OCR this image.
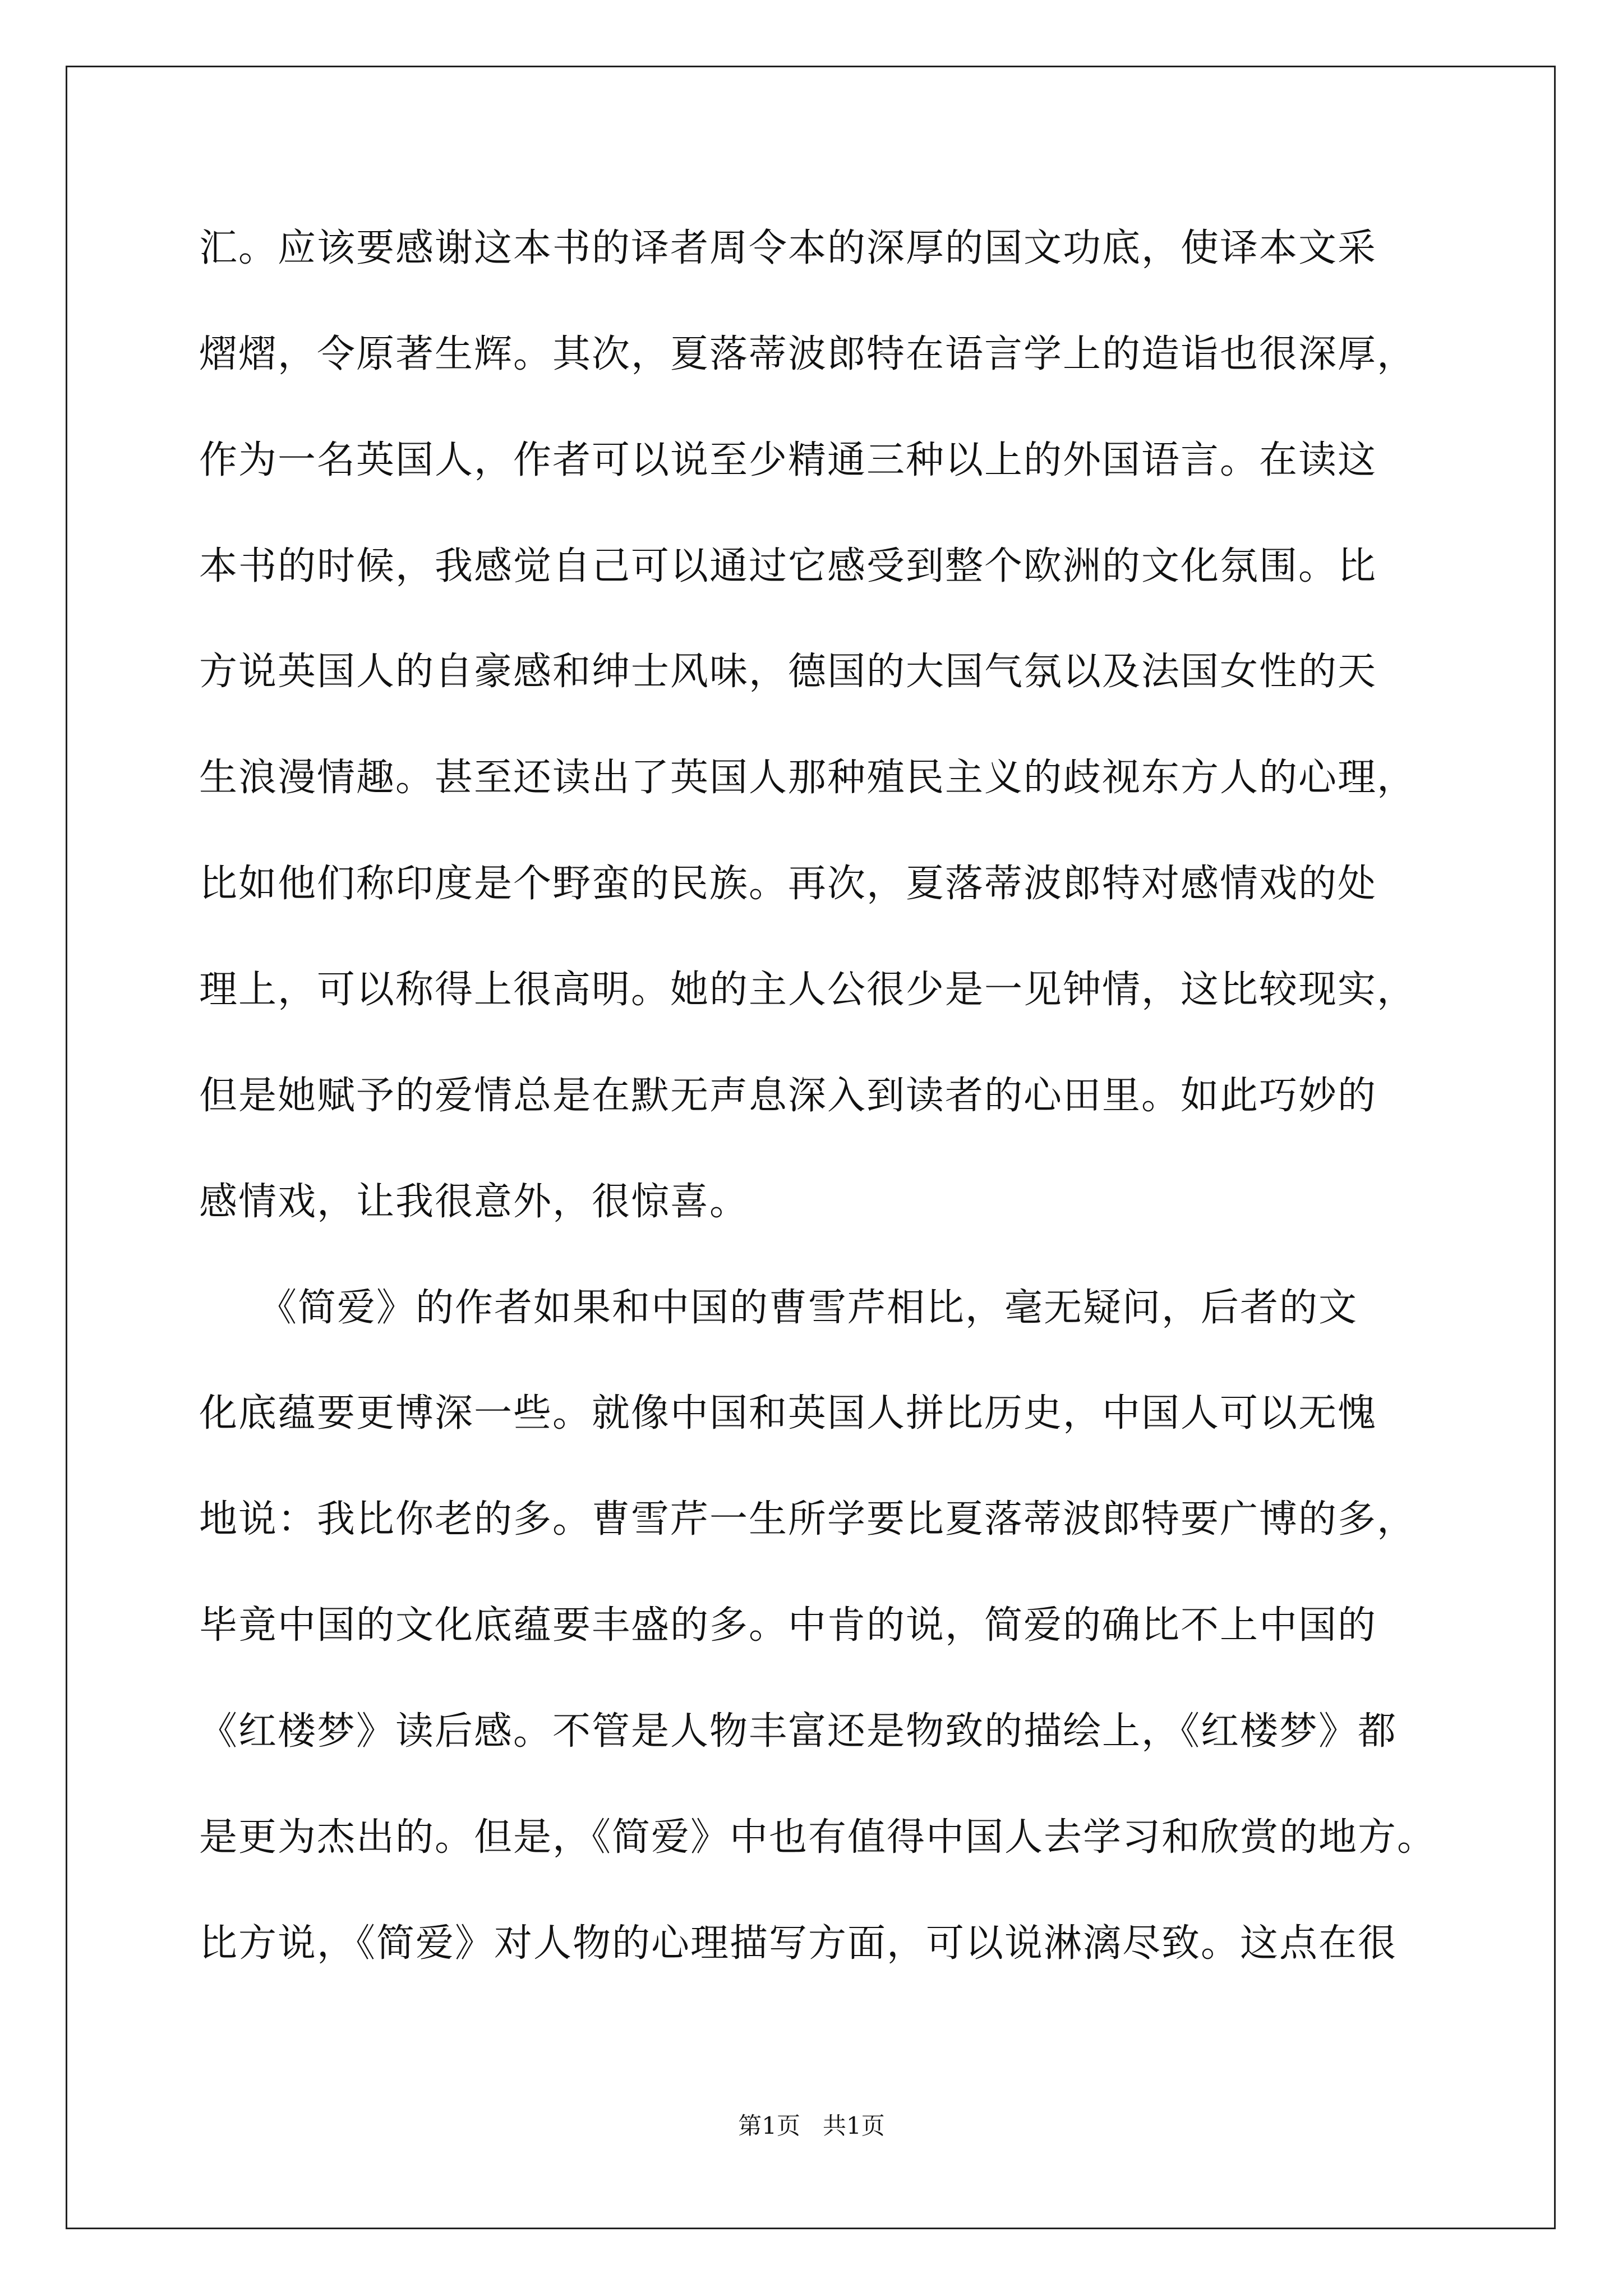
汇。应该要感谢这本书的译者周令本的深厚的国文功底，使译本文采
熠熠，令原著生辉。其次，夏落蒂波郎特在语言学上的造诣也很深厚，
作为一名英国人，作者可以说至少精通三种以上的外国语言。在读这
本书的时候，我感觉自己可以通过它感受到整个欧洲的文化氛围。比
方说英国人的自豪感和绅士风味，德国的大国气氛以及法国女性的天
生浪漫情趣。甚至还读出了英国人那种殖民主义的歧视东方人的心理，
比如他们称印度是个野蛮的民族。再次，夏落蒂波郎特对感情戏的处
理上，可以称得上很高明。她的主人公很少是一见钟情，这比较现实，
但是她赋予的爱情总是在默无声息深入到读者的心田里。如此巧妙的
感情戏，让我很意外，很惊喜。
　　《简爱》的作者如果和中国的曹雪芹相比，毫无疑问，后者的文
化底蕴要更博深一些。就像中国和英国人拼比历史，中国人可以无愧
地说：我比你老的多。曹雪芹一生所学要比夏落蒂波郎特要广博的多，
毕竟中国的文化底蕴要丰盛的多。中肯的说，简爱的确比不上中国的
《红楼梦》读后感。不管是人物丰富还是物致的描绘上，《红楼梦》都
是更为杰出的。但是，《简爱》中也有值得中国人去学习和欣赏的地方。
比方说，《简爱》对人物的心理描写方面，可以说淋漓尽致。这点在很
第1页   共1页
